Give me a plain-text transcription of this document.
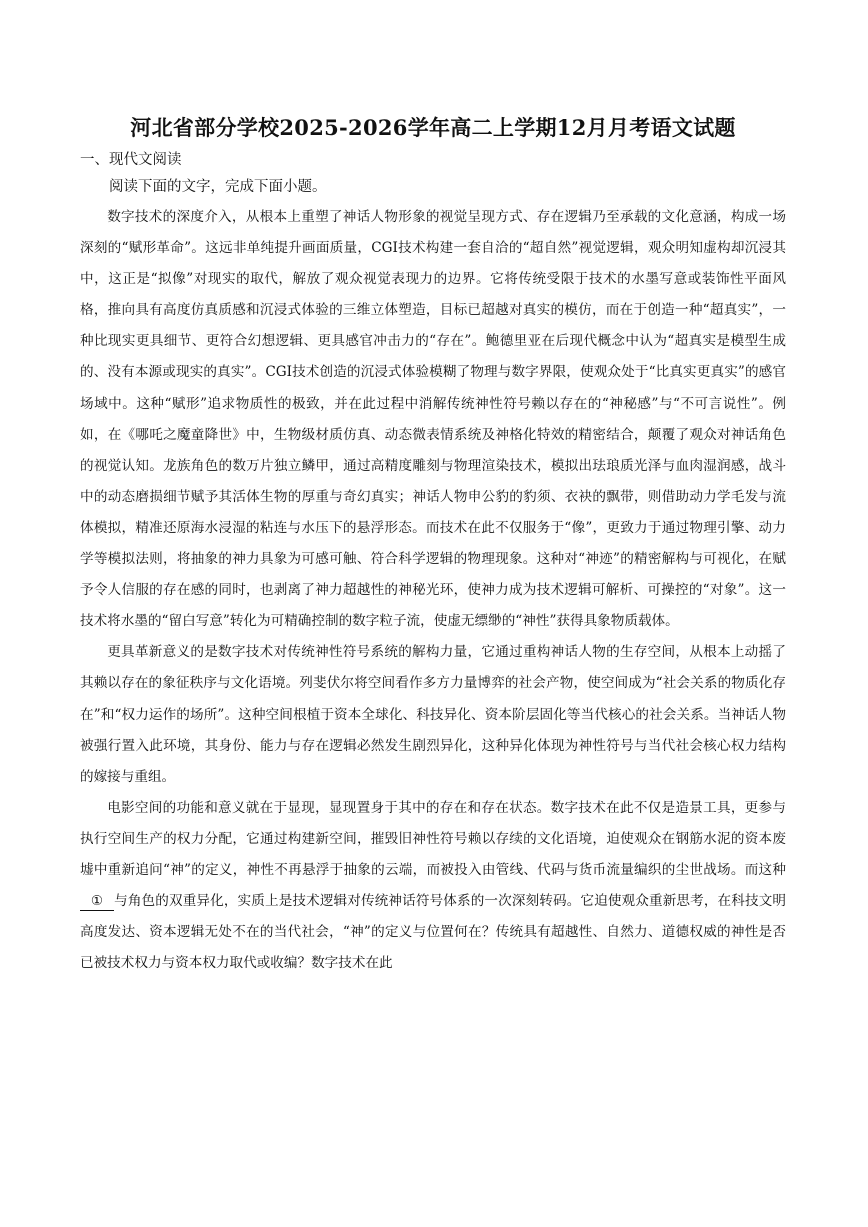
河北省部分学校2025-2026学年高二上学期12月月考语文试题

一、现代文阅读

阅读下面的文字，完成下面小题。

数字技术的深度介入，从根本上重塑了神话人物形象的视觉呈现方式、存在逻辑乃至承载的文化意涵，构成一场深刻的“赋形革命”。这远非单纯提升画面质量，CGI技术构建一套自洽的“超自然”视觉逻辑，观众明知虚构却沉浸其中，这正是“拟像”对现实的取代，解放了观众视觉表现力的边界。它将传统受限于技术的水墨写意或装饰性平面风格，推向具有高度仿真质感和沉浸式体验的三维立体塑造，目标已超越对真实的模仿，而在于创造一种“超真实”，一种比现实更具细节、更符合幻想逻辑、更具感官冲击力的“存在”。鲍德里亚在后现代概念中认为“超真实是模型生成的、没有本源或现实的真实”。CGI技术创造的沉浸式体验模糊了物理与数字界限，使观众处于“比真实更真实”的感官场域中。这种“赋形”追求物质性的极致，并在此过程中消解传统神性符号赖以存在的“神秘感”与“不可言说性”。例如，在《哪吒之魔童降世》中，生物级材质仿真、动态微表情系统及神格化特效的精密结合，颠覆了观众对神话角色的视觉认知。龙族角色的数万片独立鳞甲，通过高精度雕刻与物理渲染技术，模拟出珐琅质光泽与血肉湿润感，战斗中的动态磨损细节赋予其活体生物的厚重与奇幻真实；神话人物申公豹的豹须、衣袂的飘带，则借助动力学毛发与流体模拟，精准还原海水浸湿的粘连与水压下的悬浮形态。而技术在此不仅服务于“像”，更致力于通过物理引擎、动力学等模拟法则，将抽象的神力具象为可感可触、符合科学逻辑的物理现象。这种对“神迹”的精密解构与可视化，在赋予令人信服的存在感的同时，也剥离了神力超越性的神秘光环，使神力成为技术逻辑可解析、可操控的“对象”。这一技术将水墨的“留白写意”转化为可精确控制的数字粒子流，使虚无缥缈的“神性”获得具象物质载体。

更具革新意义的是数字技术对传统神性符号系统的解构力量，它通过重构神话人物的生存空间，从根本上动摇了其赖以存在的象征秩序与文化语境。列斐伏尔将空间看作多方力量博弈的社会产物，使空间成为“社会关系的物质化存在”和“权力运作的场所”。这种空间根植于资本全球化、科技异化、资本阶层固化等当代核心的社会关系。当神话人物被强行置入此环境，其身份、能力与存在逻辑必然发生剧烈异化，这种异化体现为神性符号与当代社会核心权力结构的嫁接与重组。

电影空间的功能和意义就在于显现，显现置身于其中的存在和存在状态。数字技术在此不仅是造景工具，更参与执行空间生产的权力分配，它通过构建新空间，摧毁旧神性符号赖以存续的文化语境，迫使观众在钢筋水泥的资本废墟中重新追问“神”的定义，神性不再悬浮于抽象的云端，而被投入由管线、代码与货币流量编织的尘世战场。而这种① 与角色的双重异化，实质上是技术逻辑对传统神话符号体系的一次深刻转码。它迫使观众重新思考，在科技文明高度发达、资本逻辑无处不在的当代社会，“神”的定义与位置何在？传统具有超越性、自然力、道德权威的神性是否已被技术权力与资本权力取代或收编？数字技术在此
